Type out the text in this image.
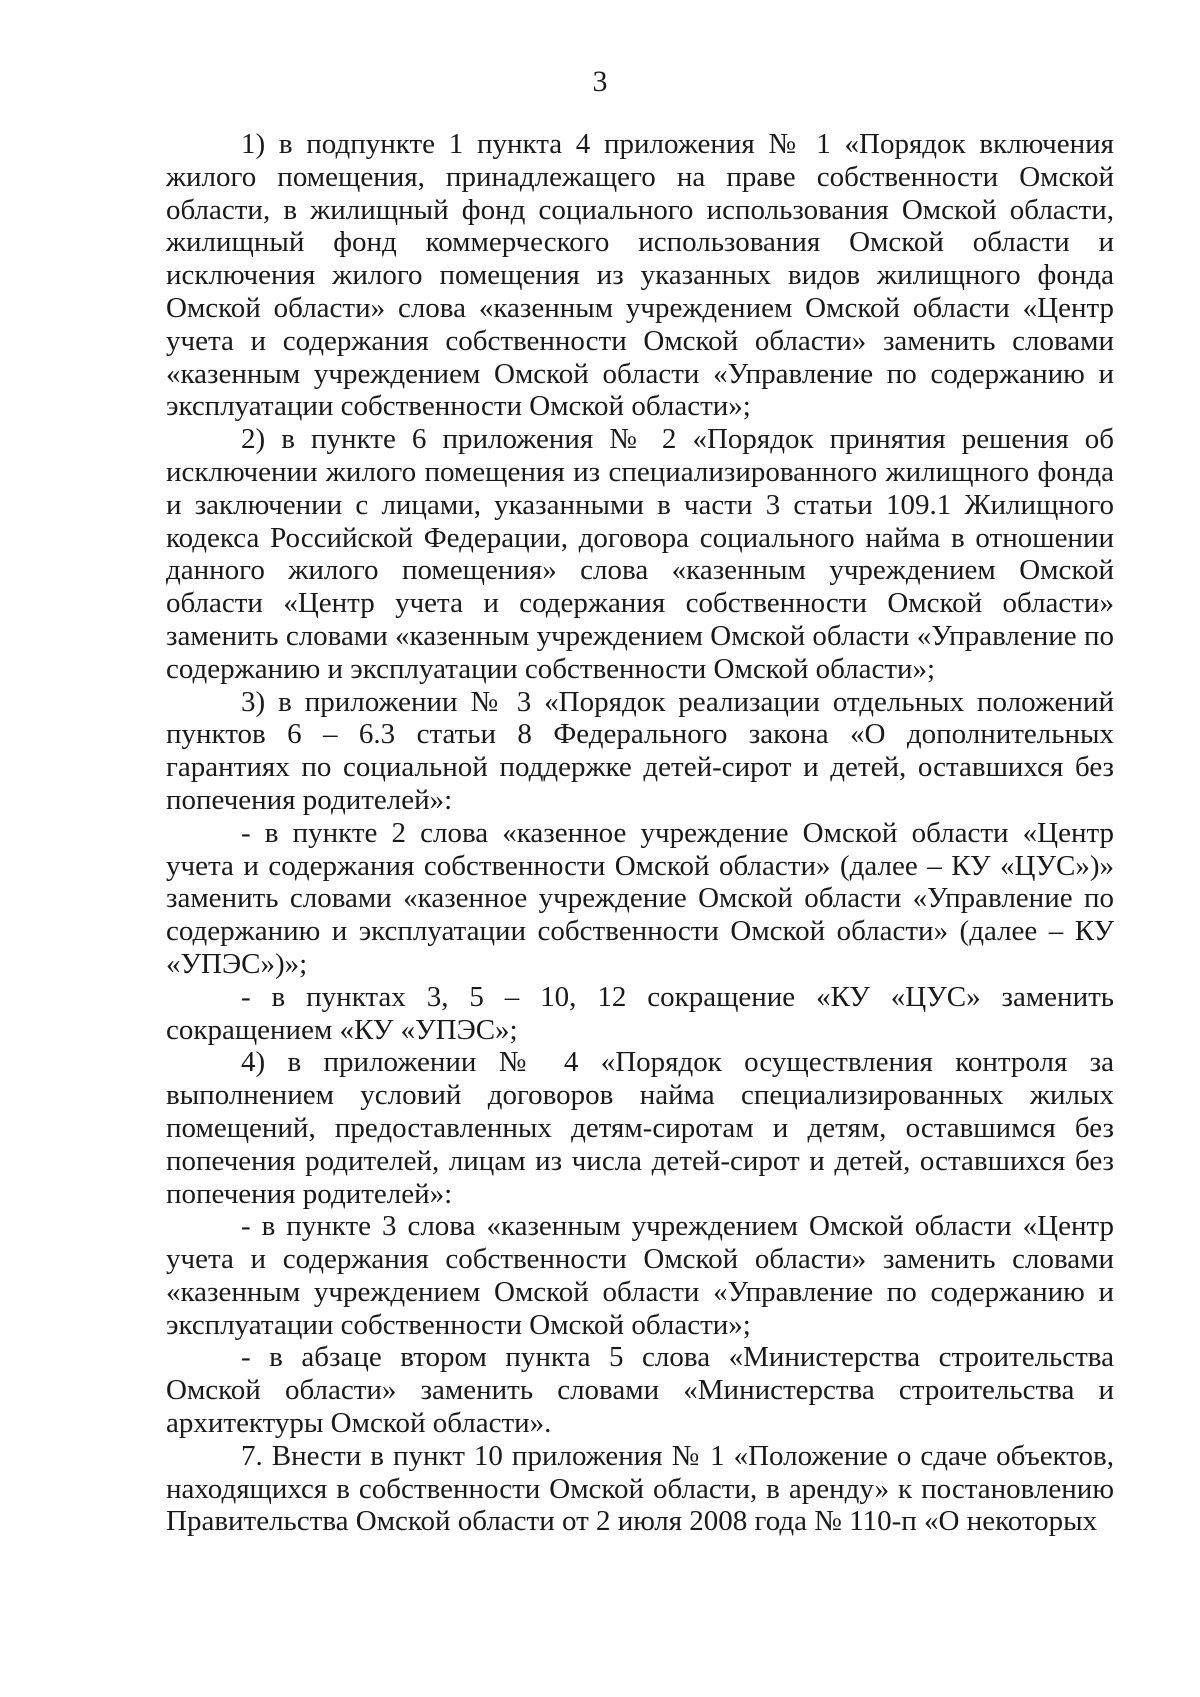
3

1) в подпункте 1 пункта 4 приложения № 1 «Порядок включения жилого помещения, принадлежащего на праве собственности Омской области, в жилищный фонд социального использования Омской области, жилищный фонд коммерческого использования Омской области и исключения жилого помещения из указанных видов жилищного фонда Омской области» слова «казенным учреждением Омской области «Центр учета и содержания собственности Омской области» заменить словами «казенным учреждением Омской области «Управление по содержанию и эксплуатации собственности Омской области»;

2) в пункте 6 приложения № 2 «Порядок принятия решения об исключении жилого помещения из специализированного жилищного фонда и заключении с лицами, указанными в части 3 статьи 109.1 Жилищного кодекса Российской Федерации, договора социального найма в отношении данного жилого помещения» слова «казенным учреждением Омской области «Центр учета и содержания собственности Омской области» заменить словами «казенным учреждением Омской области «Управление по содержанию и эксплуатации собственности Омской области»;

3) в приложении № 3 «Порядок реализации отдельных положений пунктов 6 – 6.3 статьи 8 Федерального закона «О дополнительных гарантиях по социальной поддержке детей-сирот и детей, оставшихся без попечения родителей»:

- в пункте 2 слова «казенное учреждение Омской области «Центр учета и содержания собственности Омской области» (далее – КУ «ЦУС»)» заменить словами «казенное учреждение Омской области «Управление по содержанию и эксплуатации собственности Омской области» (далее – КУ «УПЭС»)»;

- в пунктах 3, 5 – 10, 12 сокращение «КУ «ЦУС» заменить сокращением «КУ «УПЭС»;

4) в приложении № 4 «Порядок осуществления контроля за выполнением условий договоров найма специализированных жилых помещений, предоставленных детям-сиротам и детям, оставшимся без попечения родителей, лицам из числа детей-сирот и детей, оставшихся без попечения родителей»:

- в пункте 3 слова «казенным учреждением Омской области «Центр учета и содержания собственности Омской области» заменить словами «казенным учреждением Омской области «Управление по содержанию и эксплуатации собственности Омской области»;

- в абзаце втором пункта 5 слова «Министерства строительства Омской области» заменить словами «Министерства строительства и архитектуры Омской области».

7. Внести в пункт 10 приложения № 1 «Положение о сдаче объектов, находящихся в собственности Омской области, в аренду» к постановлению Правительства Омской области от 2 июля 2008 года № 110-п «О некоторых
